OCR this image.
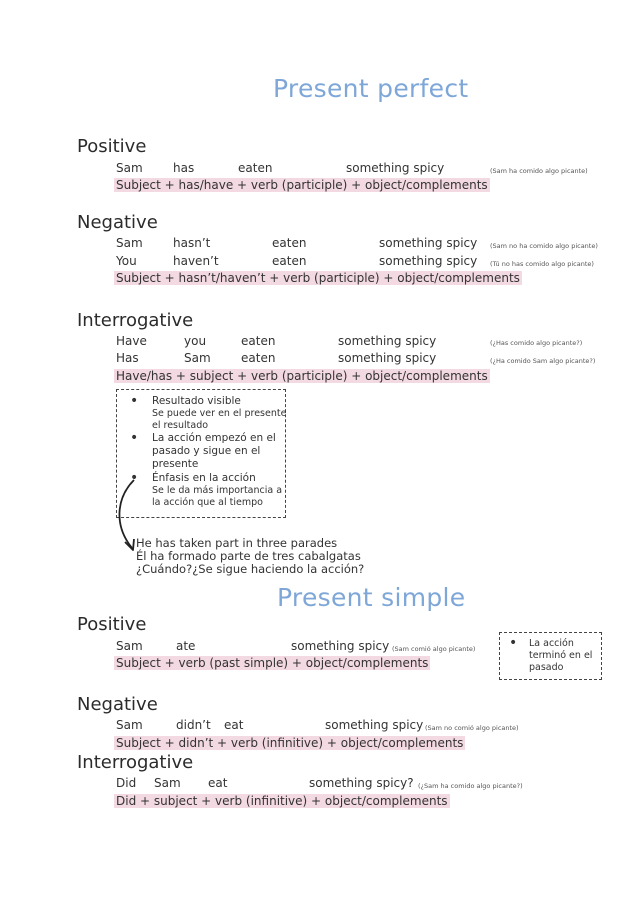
Present perfect
Positive
Sam	has	eaten	something spicy	(Sam ha comido algo picante)
Subject + has/have + verb (participle) + object/complements
Negative
Sam	hasn’t	eaten	something spicy (Sam no ha comido algo picante)
You	haven’t	eaten	something spicy (Tú no has comido algo picante)
Subject + hasn’t/haven’t + verb (participle) + object/complements
Interrogative
Have	you	eaten	something spicy	(¿Has comido algo picante?)
Has	Sam	eaten	something spicy	(¿Ha comido Sam algo picante?)
Have/has + subject + verb (participle) + object/complements
• Resultado visible
Se puede ver en el presente
el resultado
• La acción empezó en el
pasado y sigue en el
presente
• Énfasis en la acción
Se le da más importancia a
la acción que al tiempo
He has taken part in three parades
Él ha formado parte de tres cabalgatas
¿Cuándo?¿Se sigue haciendo la acción?
Present simple
Positive
Sam	ate	something spicy (Sam comió algo picante)
Subject + verb (past simple) + object/complements
• La acción
terminó en el
pasado
Negative
Sam	didn’t eat	something spicy (Sam no comió algo picante)
Subject + didn’t + verb (infinitive) + object/complements
Interrogative
Did Sam eat	something spicy? (¿Sam ha comido algo picante?)
Did + subject + verb (infinitive) + object/complements
